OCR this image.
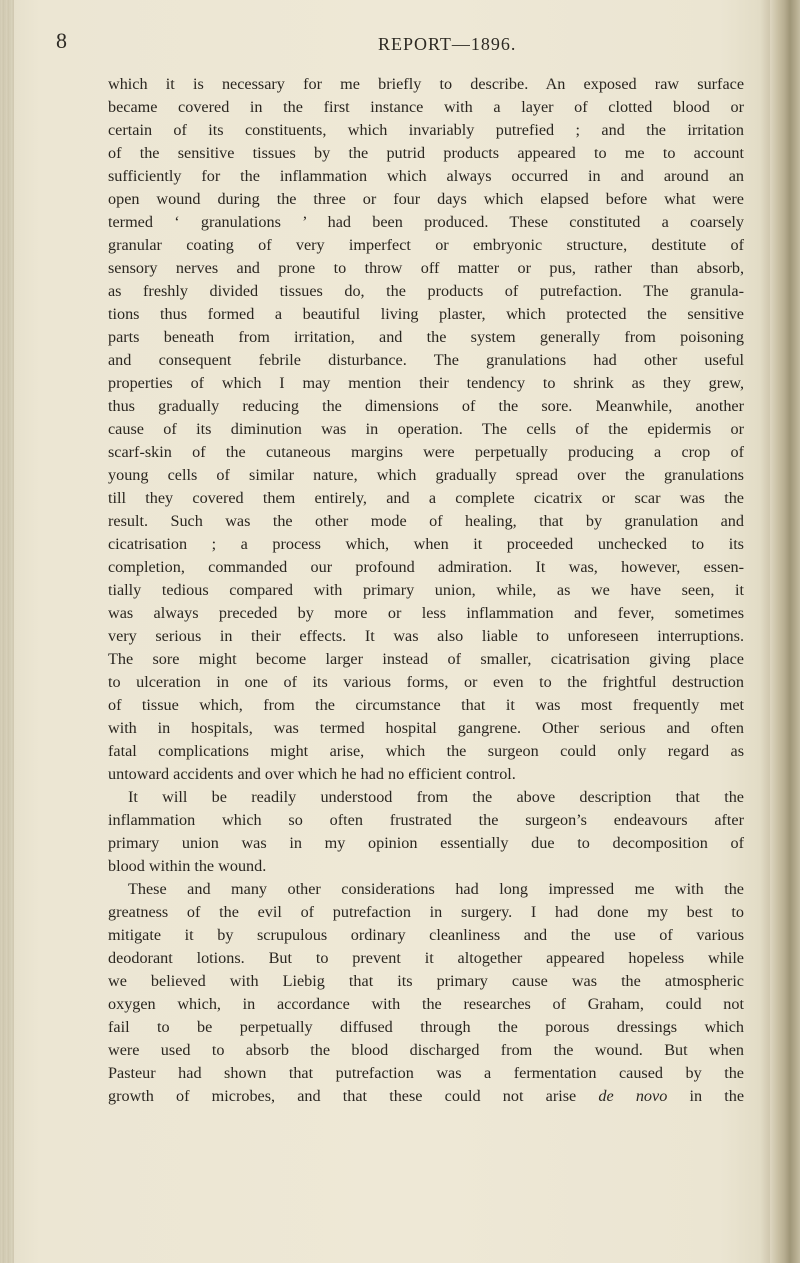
8	REPORT—1896.
which it is necessary for me briefly to describe. An exposed raw surface
became covered in the first instance with a layer of clotted blood or
certain of its constituents, which invariably putrefied ; and the irritation
of the sensitive tissues by the putrid products appeared to me to account
sufficiently for the inflammation which always occurred in and around an
open wound during the three or four days which elapsed before what were
termed ‘ granulations ’ had been produced. These constituted a coarsely
granular coating of very imperfect or embryonic structure, destitute of
sensory nerves and prone to throw off matter or pus, rather than absorb,
as freshly divided tissues do, the products of putrefaction. The granula-
tions thus formed a beautiful living plaster, which protected the sensitive
parts beneath from irritation, and the system generally from poisoning
and consequent febrile disturbance. The granulations had other useful
properties of which I may mention their tendency to shrink as they grew,
thus gradually reducing the dimensions of the sore. Meanwhile, another
cause of its diminution was in operation. The cells of the epidermis or
scarf-skin of the cutaneous margins were perpetually producing a crop of
young cells of similar nature, which gradually spread over the granulations
till they covered them entirely, and a complete cicatrix or scar was the
result. Such was the other mode of healing, that by granulation and
cicatrisation ; a process which, when it proceeded unchecked to its
completion, commanded our profound admiration. It was, however, essen-
tially tedious compared with primary union, while, as we have seen, it
was always preceded by more or less inflammation and fever, sometimes
very serious in their effects. It was also liable to unforeseen interruptions.
The sore might become larger instead of smaller, cicatrisation giving place
to ulceration in one of its various forms, or even to the frightful destruction
of tissue which, from the circumstance that it was most frequently met
with in hospitals, was termed hospital gangrene. Other serious and often
fatal complications might arise, which the surgeon could only regard as
untoward accidents and over which he had no efficient control.
It will be readily understood from the above description that the
inflammation which so often frustrated the surgeon’s endeavours after
primary union was in my opinion essentially due to decomposition of
blood within the wound.
These and many other considerations had long impressed me with the
greatness of the evil of putrefaction in surgery. I had done my best to
mitigate it by scrupulous ordinary cleanliness and the use of various
deodorant lotions. But to prevent it altogether appeared hopeless while
we believed with Liebig that its primary cause was the atmospheric
oxygen which, in accordance with the researches of Graham, could not
fail to be perpetually diffused through the porous dressings which
were used to absorb the blood discharged from the wound. But when
Pasteur had shown that putrefaction was a fermentation caused by the
growth of microbes, and that these could not arise de novo in the
